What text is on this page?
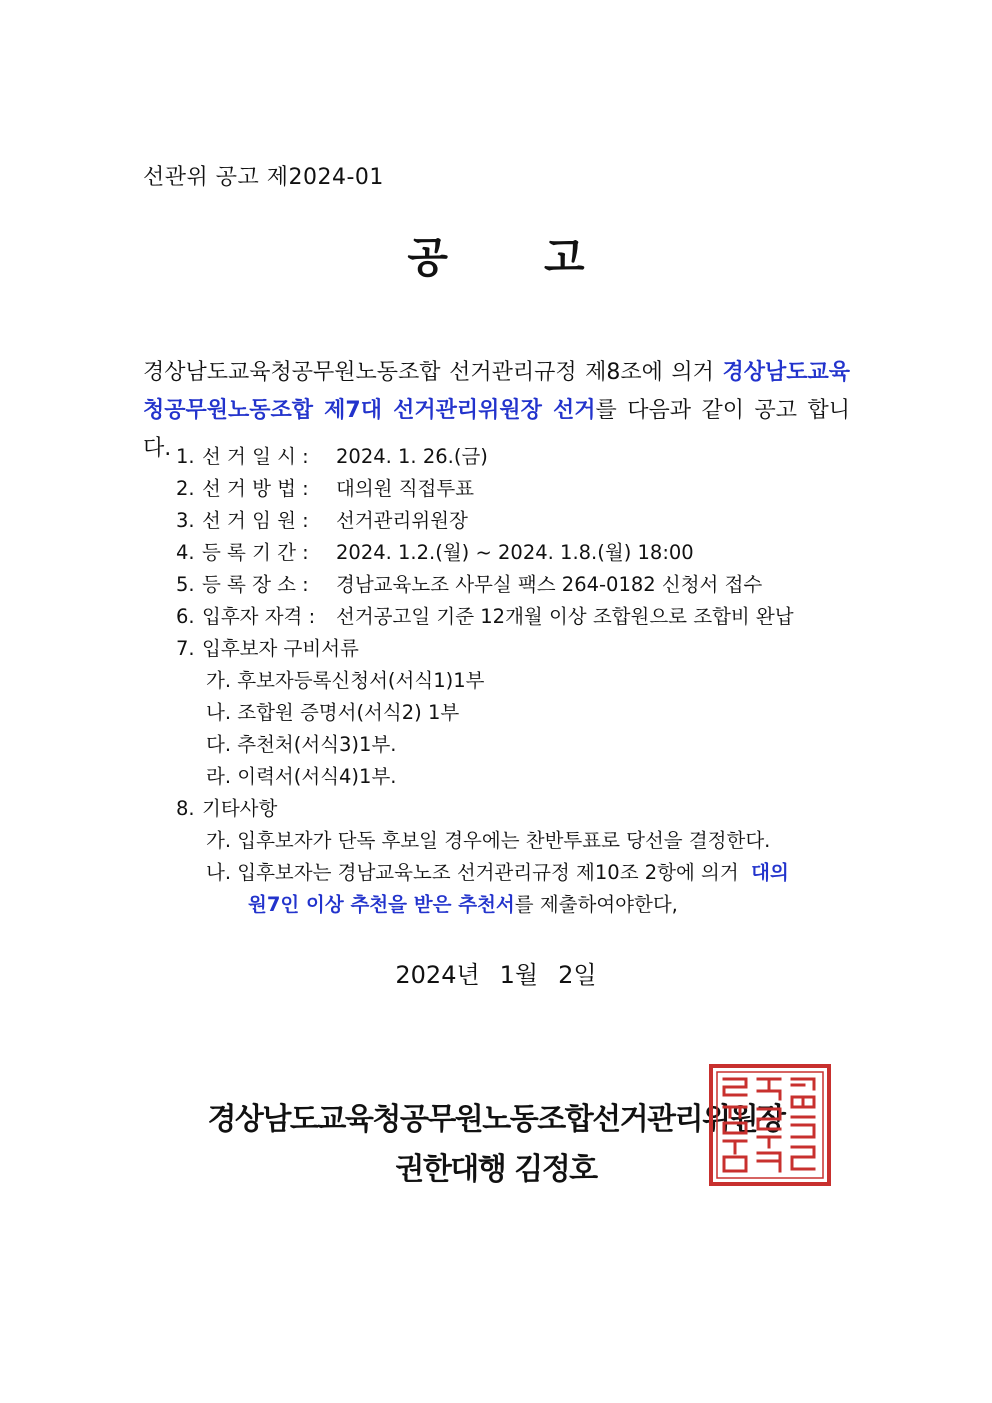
선관위 공고 제2024-01
공 고
경상남도교육청공무원노동조합 선거관리규정 제8조에 의거 경상남도교육
청공무원노동조합 제7대 선거관리위원장 선거를 다음과 같이 공고 합니다. 1. 선 거 일 시 : 2024. 1. 26.(금)
2. 선 거 방 법 : 대의원 직접투표
3. 선 거 임 원 : 선거관리위원장
4. 등 록 기 간 : 2024. 1.2.(월) ~ 2024. 1.8.(월) 18:00
5. 등 록 장 소 : 경남교육노조 사무실 팩스 264-0182 신청서 접수
6. 입후자 자격 : 선거공고일 기준 12개월 이상 조합원으로 조합비 완납
7. 입후보자 구비서류
가. 후보자등록신청서(서식1)1부
나. 조합원 증명서(서식2) 1부
다. 추천처(서식3)1부.
라. 이력서(서식4)1부.
8. 기타사항
가. 입후보자가 단독 후보일 경우에는 찬반투표로 당선을 결정한다.
나. 입후보자는 경남교육노조 선거관리규정 제10조 2항에 의거 대의
원7인 이상 추천을 받은 추천서를 제출하여야한다,
2024년 1월 2일
경상남도교육청공무원노동조합선거관리위원장
권한대행 김정호
